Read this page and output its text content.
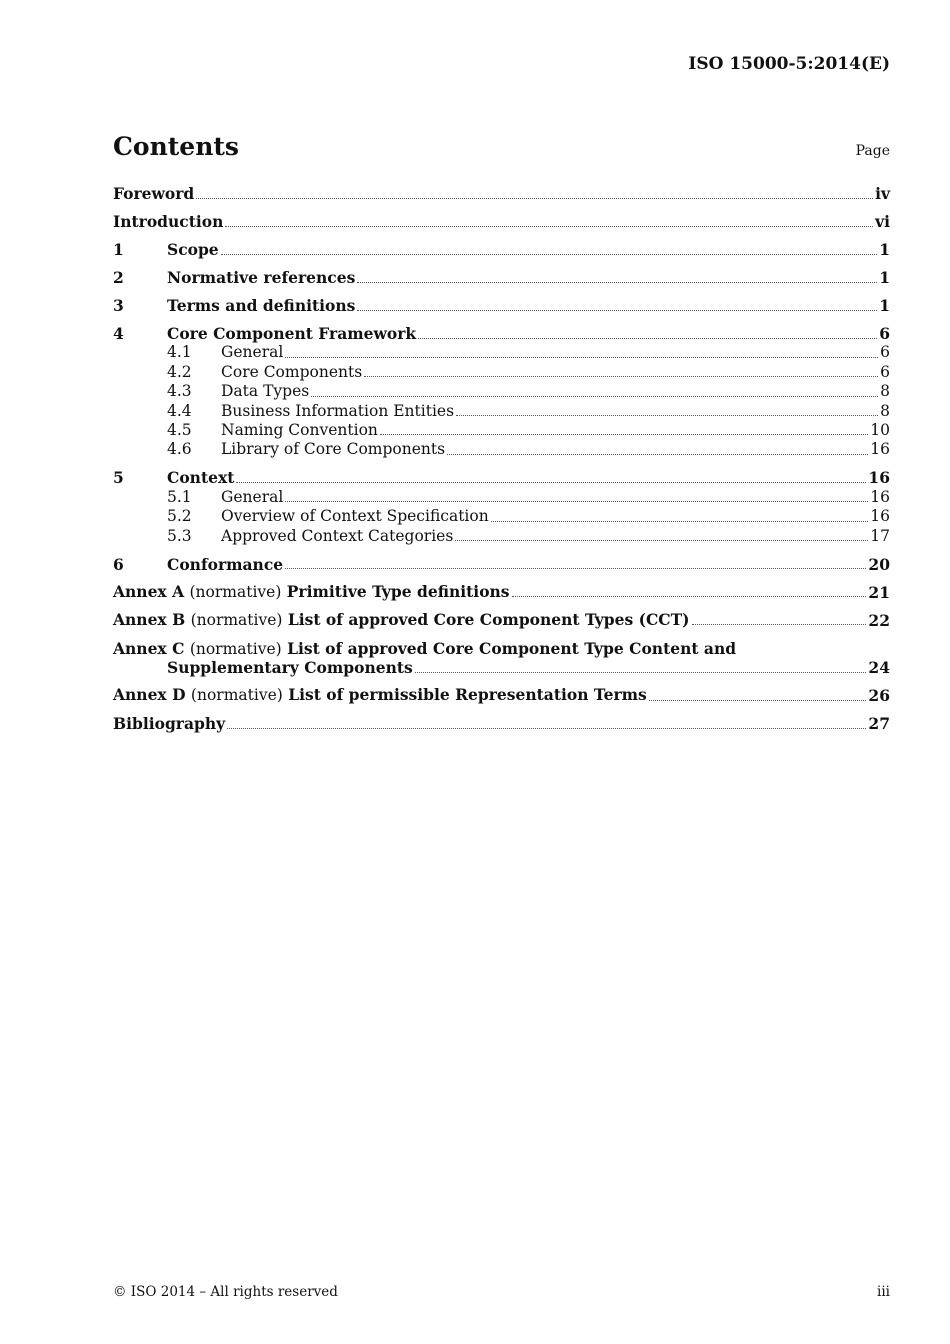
ISO 15000-5:2014(E)
Contents	Page
Foreword	iv
Introduction	vi
1	Scope	1
2	Normative references	1
3	Terms and definitions	1
4	Core Component Framework	6
4.1	General	6
4.2	Core Components	6
4.3	Data Types	8
4.4	Business Information Entities	8
4.5	Naming Convention	10
4.6	Library of Core Components	16
5	Context	16
5.1	General	16
5.2	Overview of Context Specification	16
5.3	Approved Context Categories	17
6	Conformance	20
Annex A (normative) Primitive Type definitions	21
Annex B (normative) List of approved Core Component Types (CCT)	22
Annex C (normative) List of approved Core Component Type Content and
Supplementary Components	24
Annex D (normative) List of permissible Representation Terms	26
Bibliography	27
© ISO 2014 – All rights reserved	iii
